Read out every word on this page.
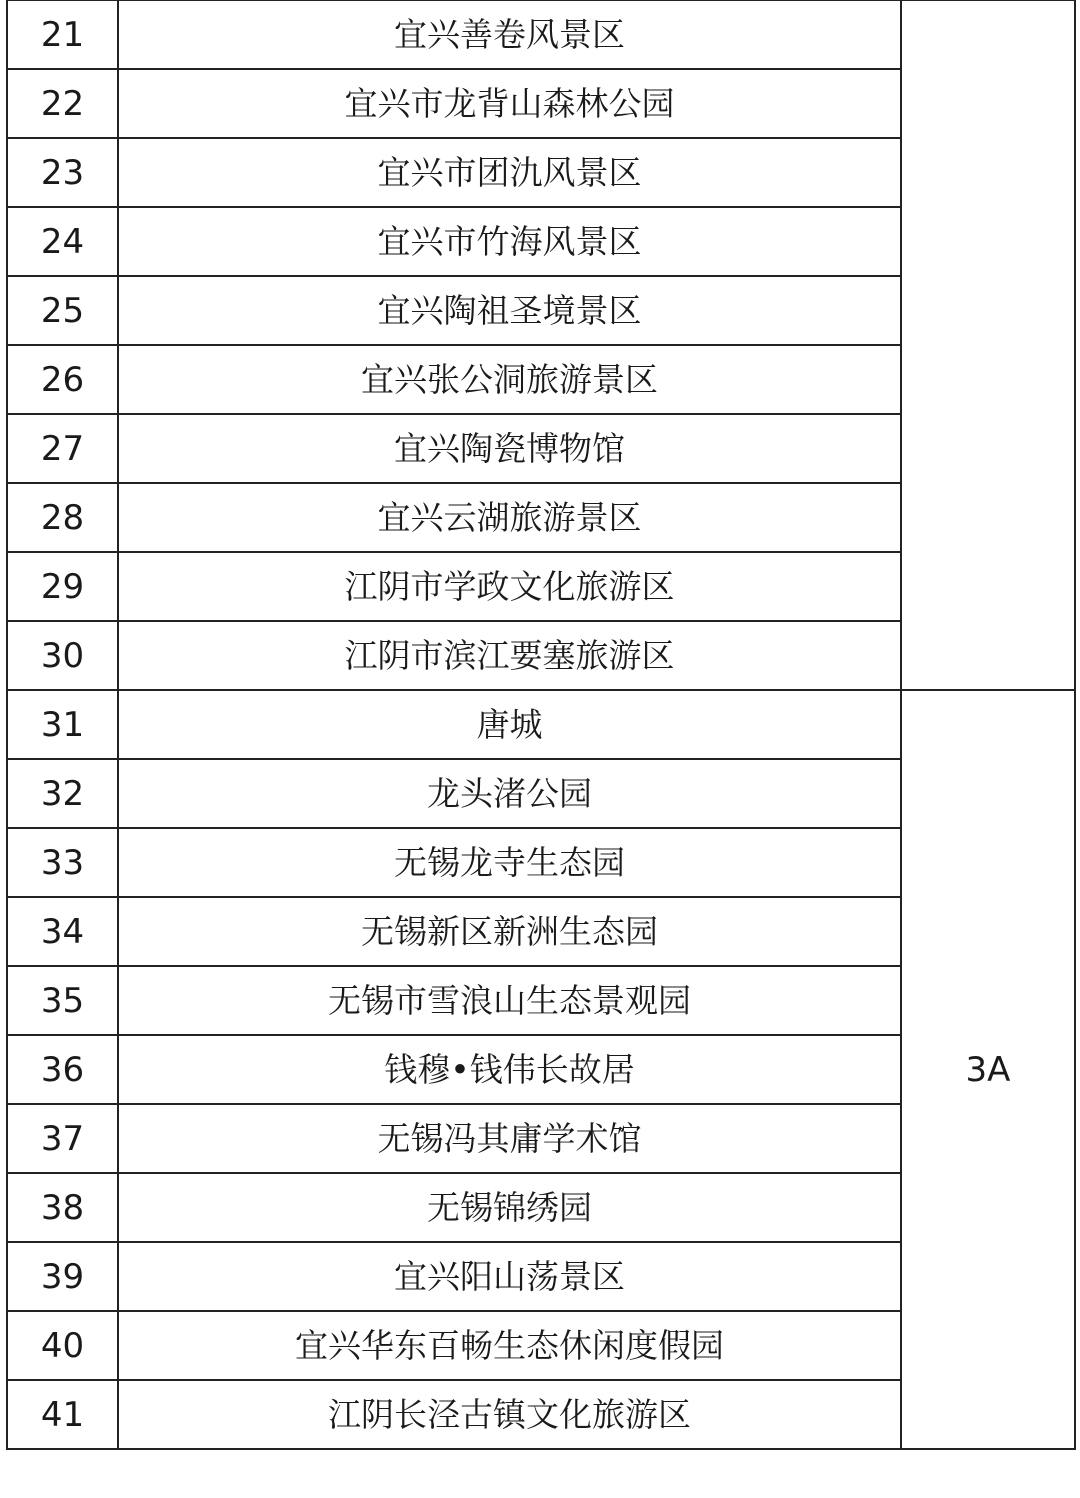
21	宜兴善卷风景区	
22	宜兴市龙背山森林公园	
23	宜兴市团氿风景区	
24	宜兴市竹海风景区	
25	宜兴陶祖圣境景区	
26	宜兴张公洞旅游景区	
27	宜兴陶瓷博物馆	
28	宜兴云湖旅游景区	
29	江阴市学政文化旅游区	
30	江阴市滨江要塞旅游区	
31	唐城	3A
32	龙头渚公园	
33	无锡龙寺生态园	
34	无锡新区新洲生态园	
35	无锡市雪浪山生态景观园	
36	钱穆•钱伟长故居	
37	无锡冯其庸学术馆	
38	无锡锦绣园	
39	宜兴阳山荡景区	
40	宜兴华东百畅生态休闲度假园	
41	江阴长泾古镇文化旅游区	
